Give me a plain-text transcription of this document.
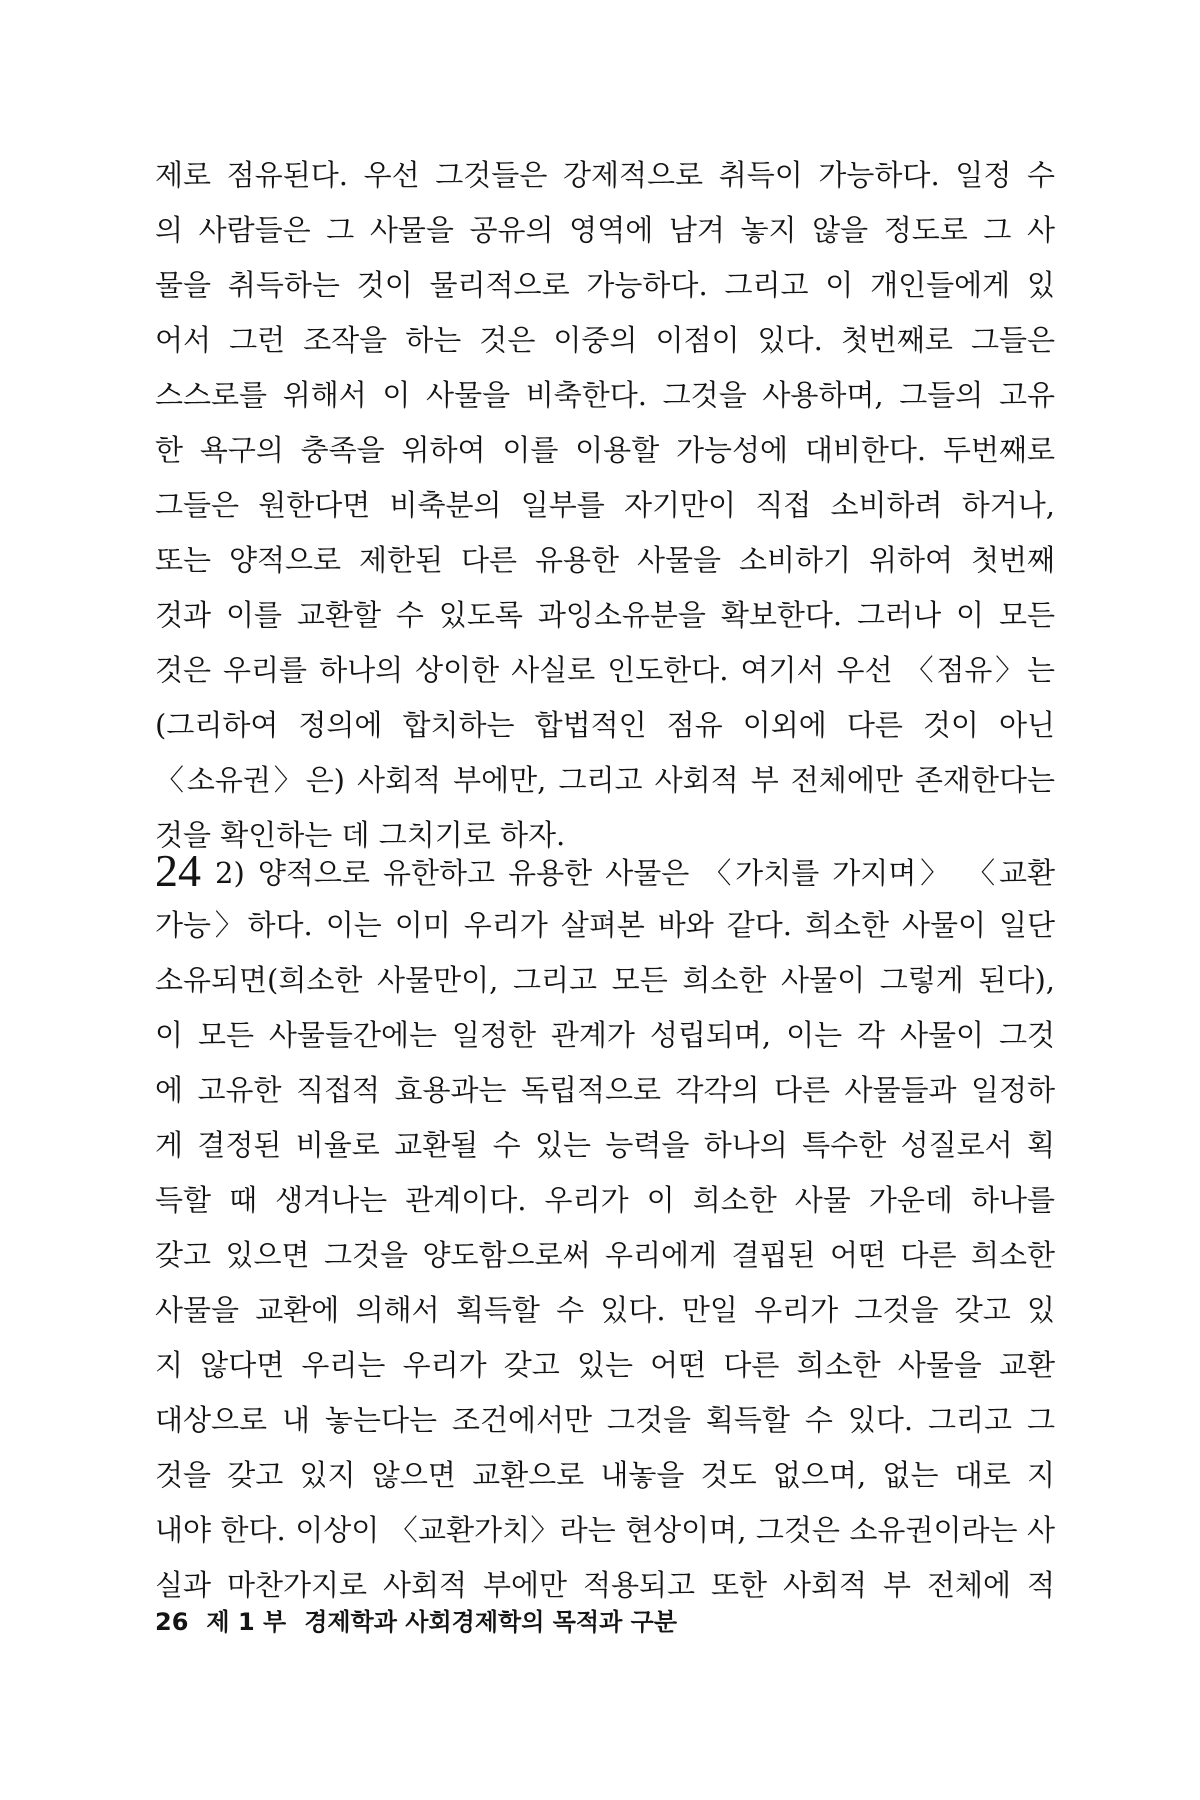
제로 점유된다. 우선 그것들은 강제적으로 취득이 가능하다. 일정 수
의 사람들은 그 사물을 공유의 영역에 남겨 놓지 않을 정도로 그 사
물을 취득하는 것이 물리적으로 가능하다. 그리고 이 개인들에게 있
어서 그런 조작을 하는 것은 이중의 이점이 있다. 첫번째로 그들은
스스로를 위해서 이 사물을 비축한다. 그것을 사용하며, 그들의 고유
한 욕구의 충족을 위하여 이를 이용할 가능성에 대비한다. 두번째로
그들은 원한다면 비축분의 일부를 자기만이 직접 소비하려 하거나,
또는 양적으로 제한된 다른 유용한 사물을 소비하기 위하여 첫번째
것과 이를 교환할 수 있도록 과잉소유분을 확보한다. 그러나 이 모든
것은 우리를 하나의 상이한 사실로 인도한다. 여기서 우선 〈점유〉는
(그리하여 정의에 합치하는 합법적인 점유 이외에 다른 것이 아닌
〈소유권〉은) 사회적 부에만, 그리고 사회적 부 전체에만 존재한다는
것을 확인하는 데 그치기로 하자.
24 2) 양적으로 유한하고 유용한 사물은 〈가치를 가지며〉 〈교환
가능〉하다. 이는 이미 우리가 살펴본 바와 같다. 희소한 사물이 일단
소유되면(희소한 사물만이, 그리고 모든 희소한 사물이 그렇게 된다),
이 모든 사물들간에는 일정한 관계가 성립되며, 이는 각 사물이 그것
에 고유한 직접적 효용과는 독립적으로 각각의 다른 사물들과 일정하
게 결정된 비율로 교환될 수 있는 능력을 하나의 특수한 성질로서 획
득할 때 생겨나는 관계이다. 우리가 이 희소한 사물 가운데 하나를
갖고 있으면 그것을 양도함으로써 우리에게 결핍된 어떤 다른 희소한
사물을 교환에 의해서 획득할 수 있다. 만일 우리가 그것을 갖고 있
지 않다면 우리는 우리가 갖고 있는 어떤 다른 희소한 사물을 교환
대상으로 내 놓는다는 조건에서만 그것을 획득할 수 있다. 그리고 그
것을 갖고 있지 않으면 교환으로 내놓을 것도 없으며, 없는 대로 지
내야 한다. 이상이 〈교환가치〉라는 현상이며, 그것은 소유권이라는 사
실과 마찬가지로 사회적 부에만 적용되고 또한 사회적 부 전체에 적
26 제 1 부 경제학과 사회경제학의 목적과 구분
